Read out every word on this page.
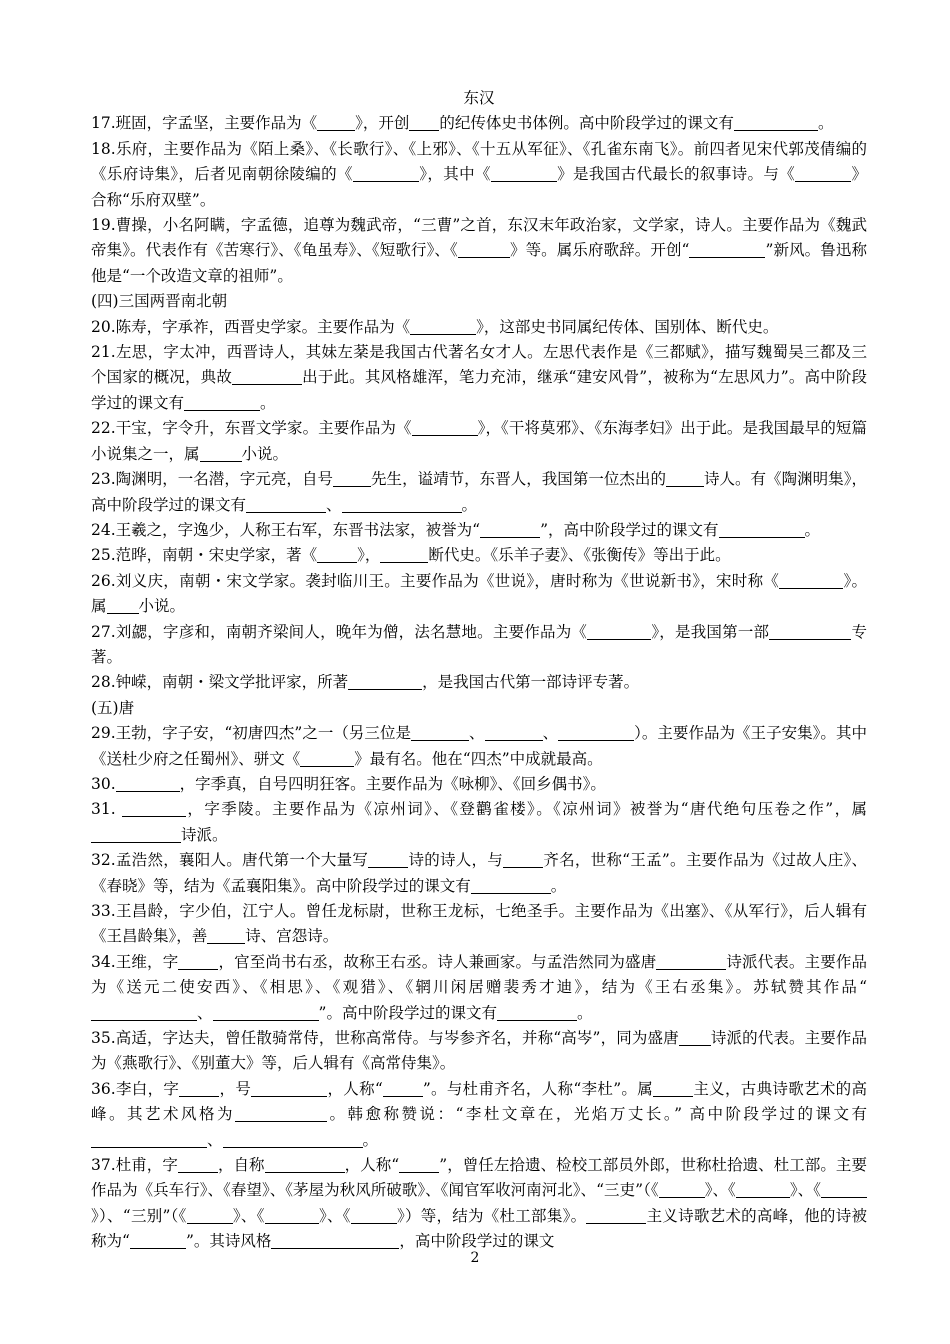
东汉
17.班固，字孟坚，主要作品为《 》，开创 的纪传体史书体例。高中阶段学过的课文有	。
18.乐府，主要作品为《陌上桑》、《长歌行》、《上邪》、《十五从军征》、《孔雀东南飞》。前四者见宋代郭茂倩编的《乐府诗集》，后者见南朝徐陵编的《	》，其中《	》是我国古代最长的叙事诗。与《	》合称“乐府双壁”。
19.曹操，小名阿瞒，字孟德，追尊为魏武帝，“三曹”之首，东汉末年政治家，文学家，诗人。主要作品为《魏武帝集》。代表作有《苦寒行》、《龟虽寿》、《短歌行》、《	》等。属乐府歌辞。开创“	”新风。鲁迅称他是“一个改造文章的祖师”。
(四)三国两晋南北朝
20.陈寿，字承祚，西晋史学家。主要作品为《	》，这部史书同属纪传体、国别体、断代史。
21.左思，字太冲，西晋诗人，其妹左棻是我国古代著名女才人。左思代表作是《三都赋》，描写魏蜀吴三都及三个国家的概况，典故	出于此。其风格雄浑，笔力充沛，继承“建安风骨”，被称为“左思风力”。高中阶段学过的课文有	。
22.干宝，字令升，东晋文学家。主要作品为《	》，《干将莫邪》、《东海孝妇》出于此。是我国最早的短篇小说集之一，属	小说。
23.陶渊明，一名潜，字元亮，自号 先生，谥靖节，东晋人，我国第一位杰出的 诗人。有《陶渊明集》，高中阶段学过的课文有	、	。
24.王羲之，字逸少，人称王右军，东晋书法家，被誉为“	”，高中阶段学过的课文有	。
25.范晔，南朝・宋史学家，著《	》，	断代史。《乐羊子妻》、《张衡传》等出于此。
26.刘义庆，南朝・宋文学家。袭封临川王。主要作品为《世说》，唐时称为《世说新书》，宋时称《	》。属 小说。
27.刘勰，字彦和，南朝齐梁间人，晚年为僧，法名慧地。主要作品为《	》，是我国第一部	专著。
28.钟嵘，南朝・梁文学批评家，所著	，是我国古代第一部诗评专著。
(五)唐
29.王勃，字子安，“初唐四杰”之一（另三位是	、	、	）。主要作品为《王子安集》。其中《送杜少府之任蜀州》、骈文《	》最有名。他在“四杰”中成就最高。
30.	，字季真，自号四明狂客。主要作品为《咏柳》、《回乡偶书》。
31.	，字季陵。主要作品为《凉州词》、《登鹳雀楼》。《凉州词》被誉为“唐代绝句压卷之作”，属诗派。
32.孟浩然，襄阳人。唐代第一个大量写	诗的诗人，与	齐名，世称“王孟”。主要作品为《过故人庄》、《春晓》等，结为《孟襄阳集》。高中阶段学过的课文有	。
33.王昌龄，字少伯，江宁人。曾任龙标尉，世称王龙标，七绝圣手。主要作品为《出塞》、《从军行》，后人辑有《王昌龄集》，善 诗、宫怨诗。
34.王维，字	，官至尚书右丞，故称王右丞。诗人兼画家。与孟浩然同为盛唐	诗派代表。主要作品为《送元二使安西》、《相思》、《观猎》、《辋川闲居赠裴秀才迪》，结为《王右丞集》。苏轼赞其作品“、	”。高中阶段学过的课文有	。
35.高适，字达夫，曾任散骑常侍，世称高常侍。与岑参齐名，并称“高岑”，同为盛唐 诗派的代表。主要作品为《燕歌行》、《别董大》等，后人辑有《高常侍集》。
36.李白，字	，号	，人称“	”。与杜甫齐名，人称“李杜”。属	主义，古典诗歌艺术的高峰。其艺术风格为	。韩愈称赞说：“李杜文章在，光焰万丈长。” 高中阶段学过的课文有、	。
37.杜甫，字	，自称	，人称“	”，曾任左拾遗、检校工部员外郎，世称杜拾遗、杜工部。主要作品为《兵车行》、《春望》、《茅屋为秋风所破歌》、《闻官军收河南河北》、“三吏”（《	》、《	》、《》）、“三别”（《	》、《	》、《	》）等，结为《杜工部集》。	主义诗歌艺术的高峰，他的诗被称为“	”。其诗风格	，高中阶段学过的课文
2
